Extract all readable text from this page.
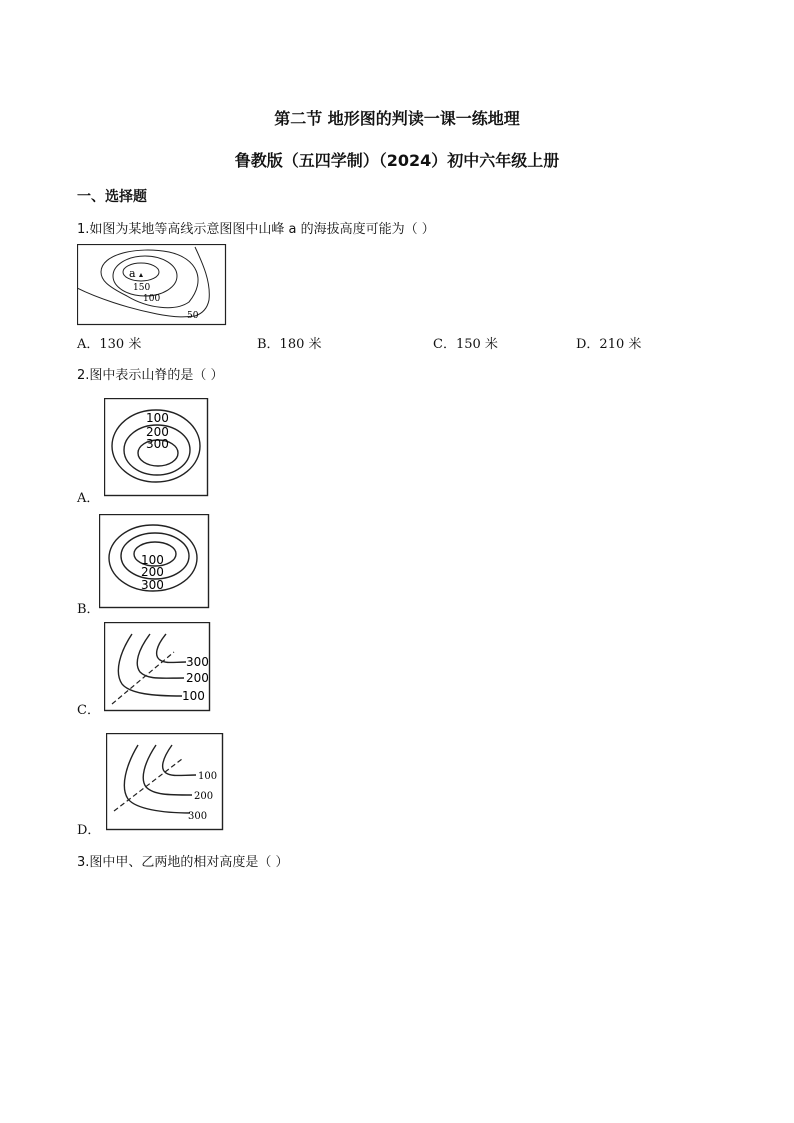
第二节 地形图的判读一课一练地理
鲁教版（五四学制）（2024）初中六年级上册
一、选择题
1.如图为某地等高线示意图图中山峰 a 的海拔高度可能为（ ）
a
150
100
50
A．130 米	B．180 米	C．150 米	D．210 米
2.图中表示山脊的是（ ）
100
200
300
A．
100
200
300
B．
300
200
100
C．
100
200
300
D．
3.图中甲、乙两地的相对高度是（ ）
